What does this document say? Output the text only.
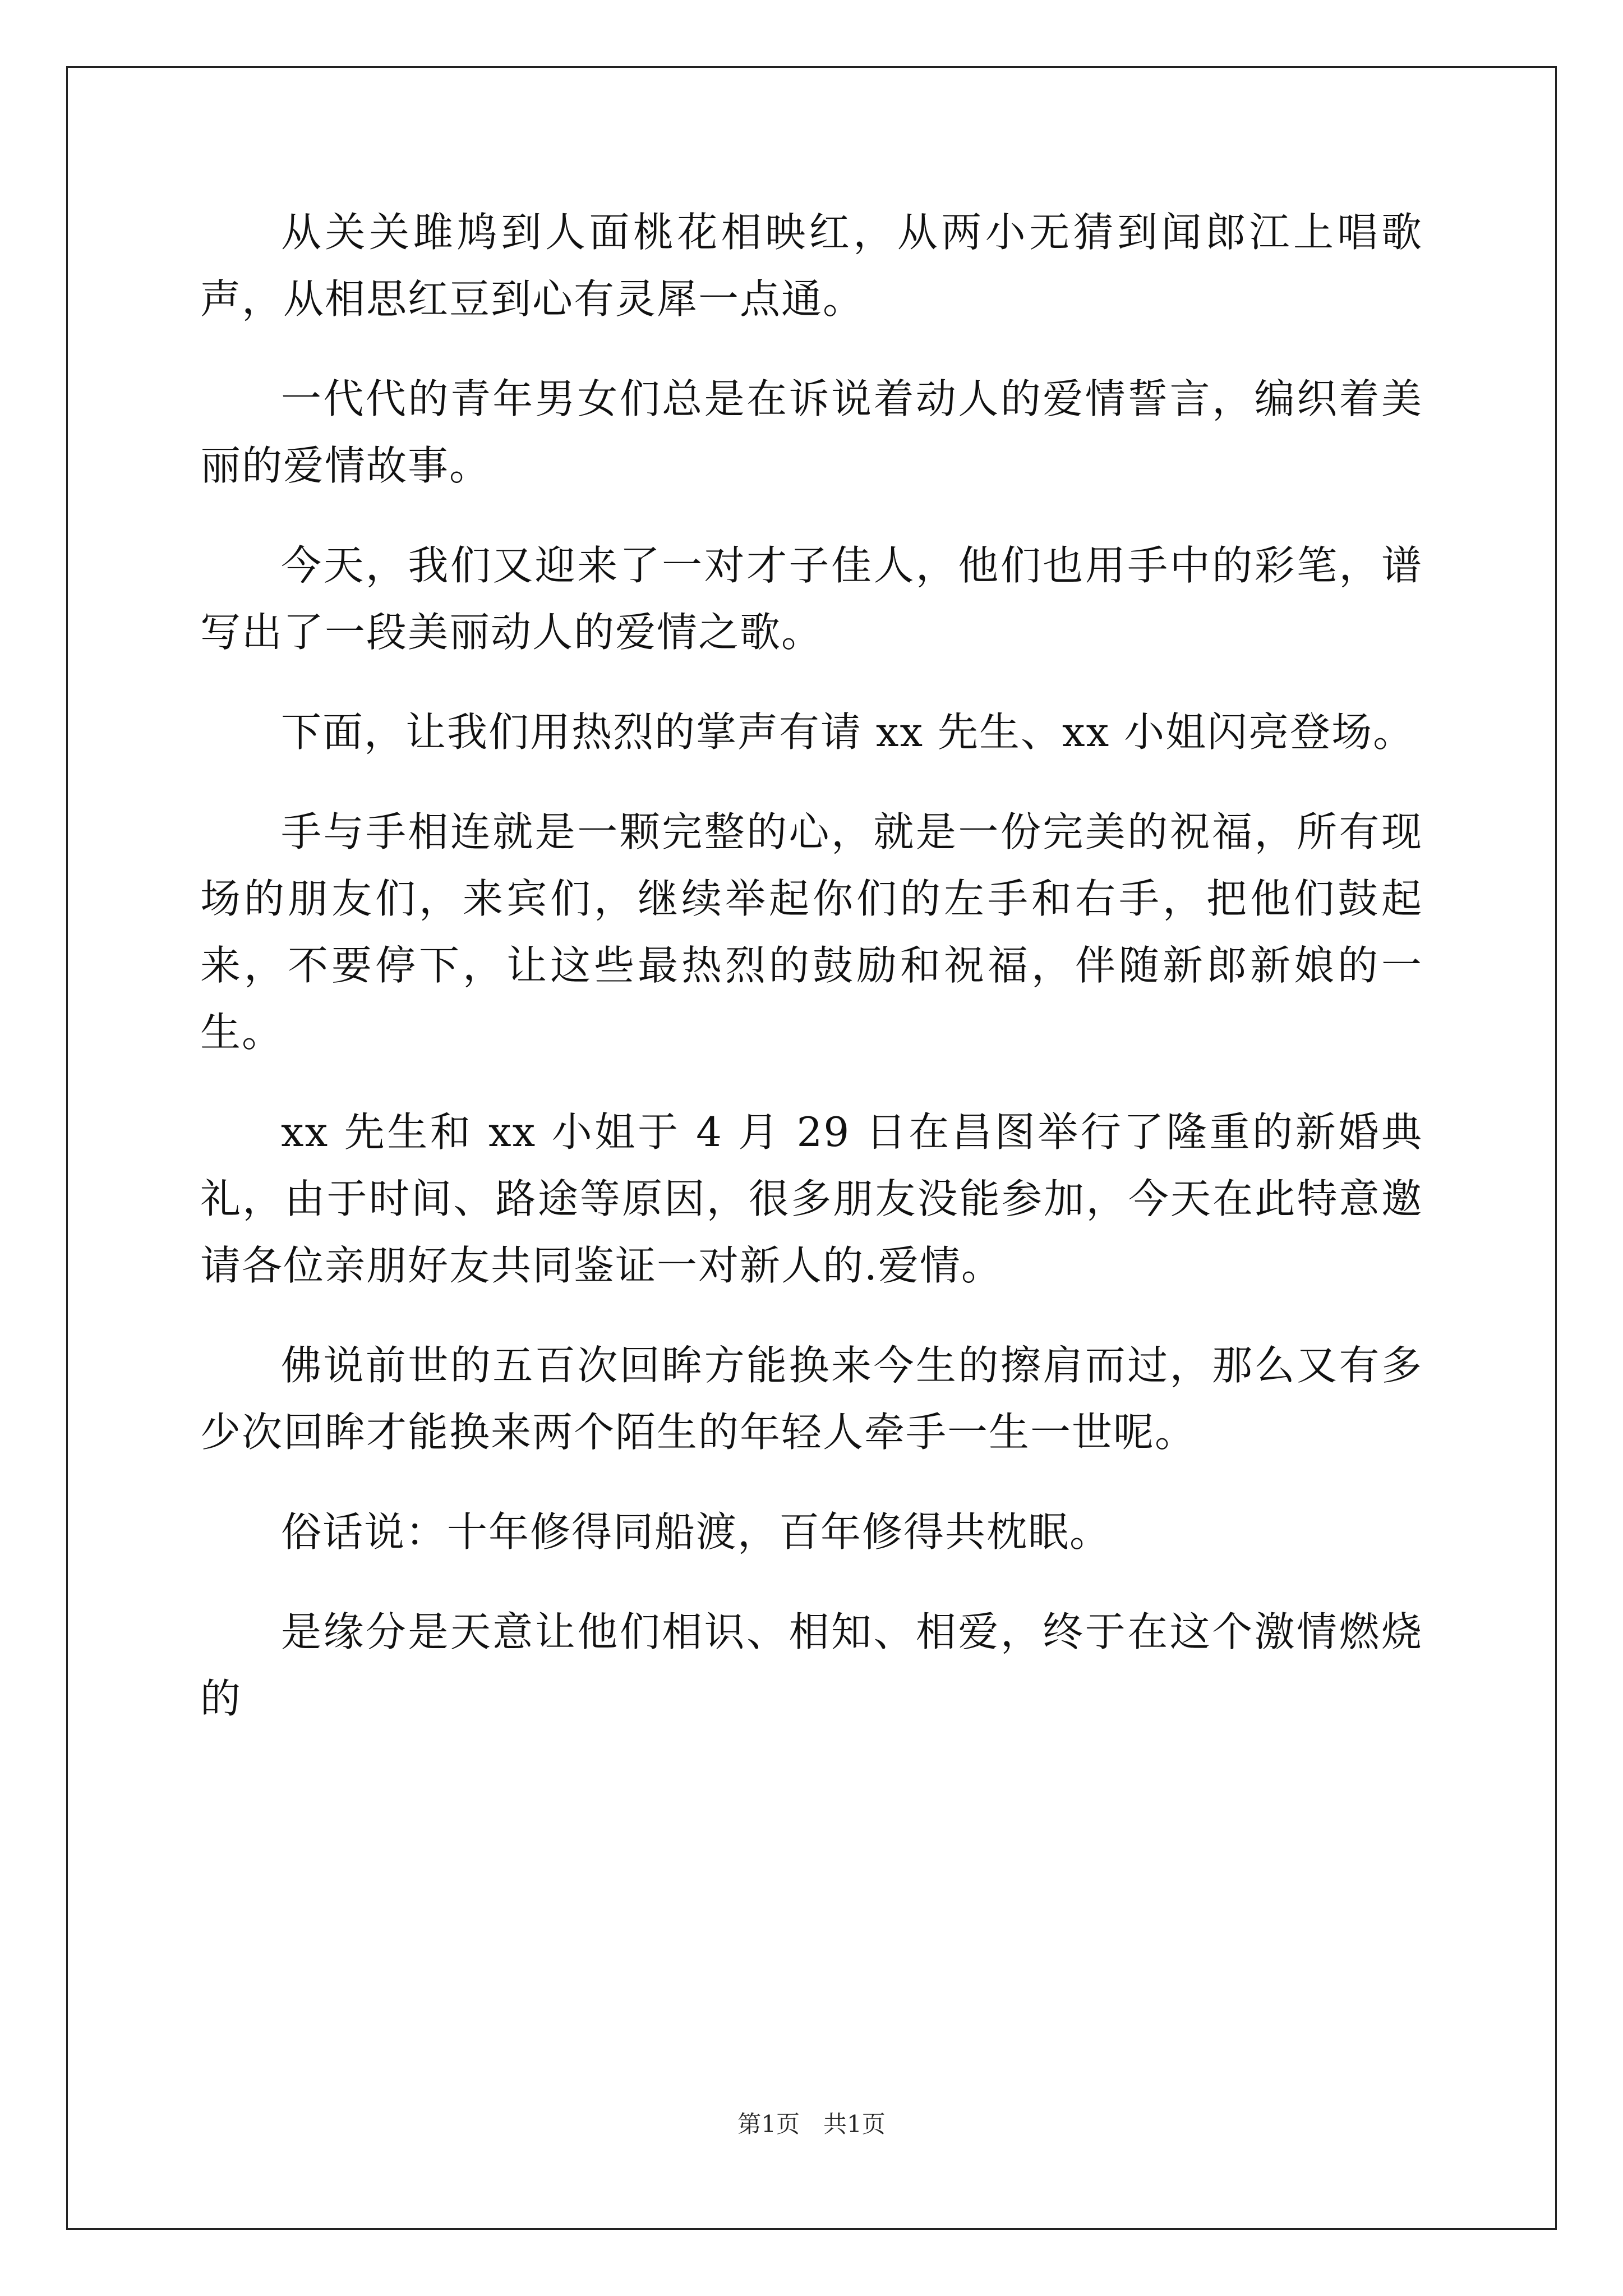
从关关雎鸠到人面桃花相映红，从两小无猜到闻郎江上唱歌声，从相思红豆到心有灵犀一点通。

一代代的青年男女们总是在诉说着动人的爱情誓言，编织着美丽的爱情故事。

今天，我们又迎来了一对才子佳人，他们也用手中的彩笔，谱写出了一段美丽动人的爱情之歌。

下面，让我们用热烈的掌声有请 xx 先生、xx 小姐闪亮登场。

手与手相连就是一颗完整的心，就是一份完美的祝福，所有现场的朋友们，来宾们，继续举起你们的左手和右手，把他们鼓起来，不要停下，让这些最热烈的鼓励和祝福，伴随新郎新娘的一生。

xx 先生和 xx 小姐于 4 月 29 日在昌图举行了隆重的新婚典礼，由于时间、路途等原因，很多朋友没能参加，今天在此特意邀请各位亲朋好友共同鉴证一对新人的.爱情。

佛说前世的五百次回眸方能换来今生的擦肩而过，那么又有多少次回眸才能换来两个陌生的年轻人牵手一生一世呢。

俗话说：十年修得同船渡，百年修得共枕眠。

是缘分是天意让他们相识、相知、相爱，终于在这个激情燃烧的

第1页　共1页
